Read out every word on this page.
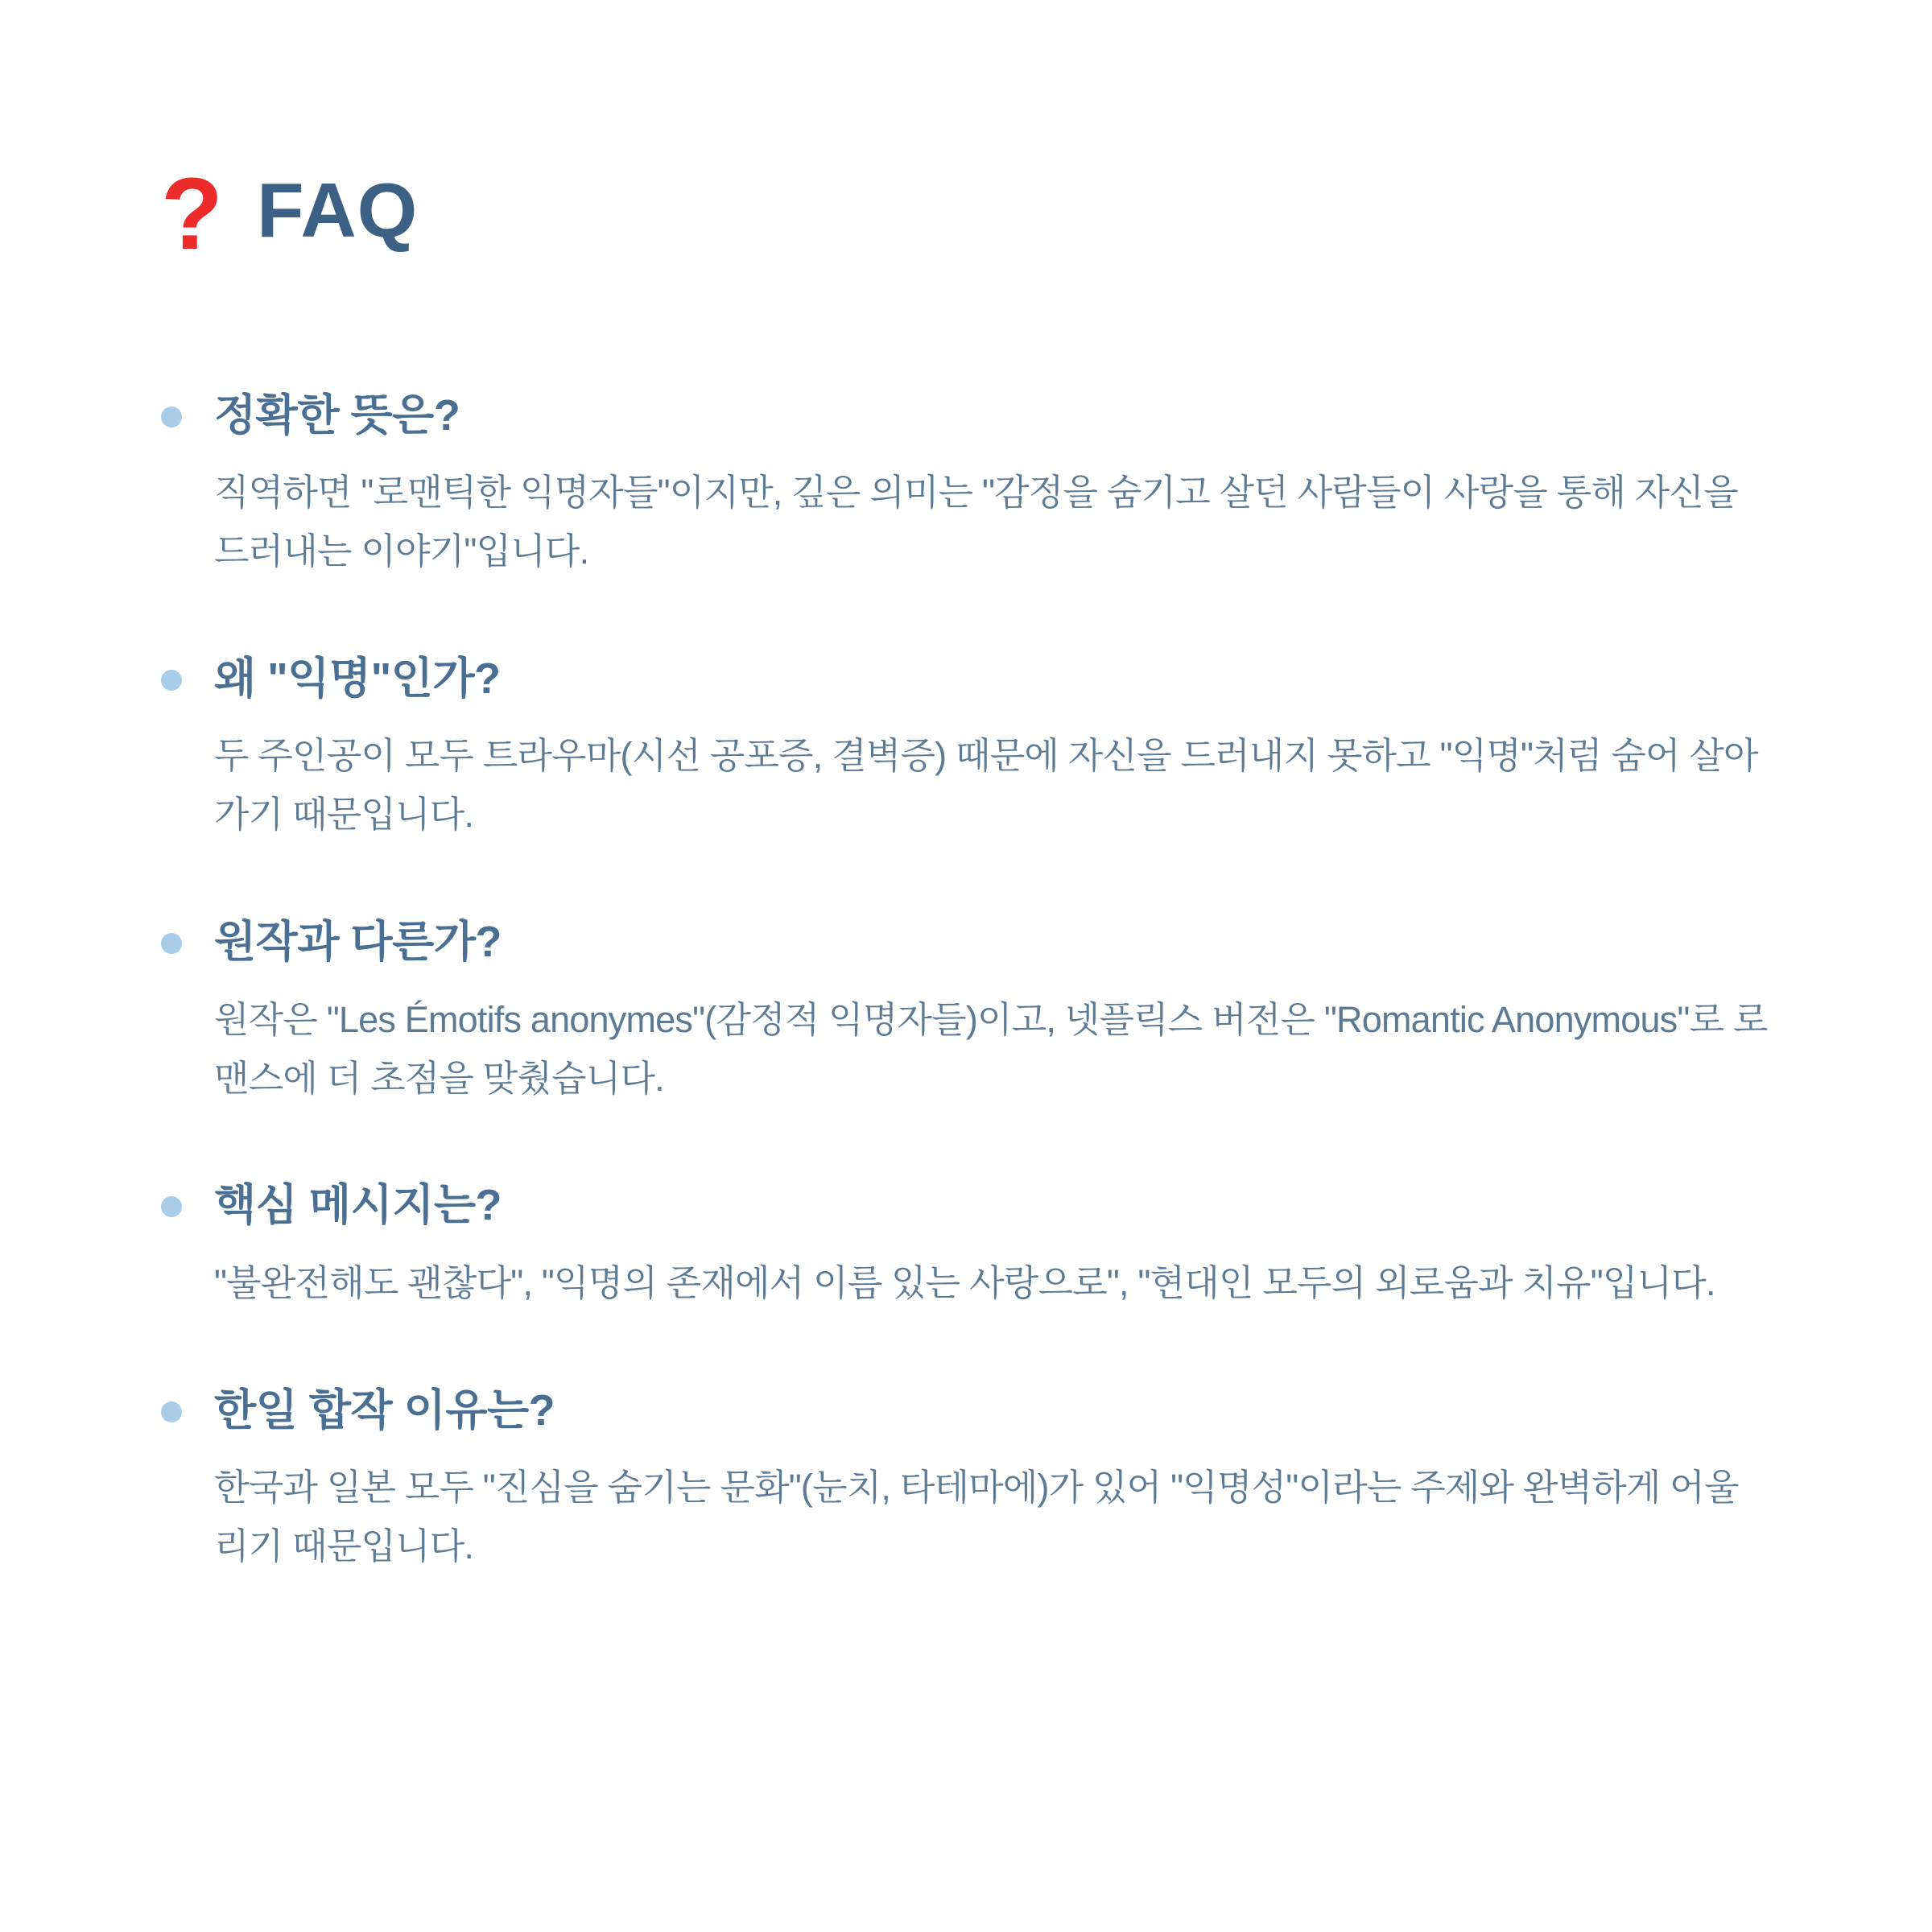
? FAQ
정확한 뜻은?
직역하면 "로맨틱한 익명자들"이지만, 깊은 의미는 "감정을 숨기고 살던 사람들이 사랑을 통해 자신을 드러내는 이야기"입니다.
왜 "익명"인가?
두 주인공이 모두 트라우마(시선 공포증, 결벽증) 때문에 자신을 드러내지 못하고 "익명"처럼 숨어 살아가기 때문입니다.
원작과 다른가?
원작은 "Les Émotifs anonymes"(감정적 익명자들)이고, 넷플릭스 버전은 "Romantic Anonymous"로 로맨스에 더 초점을 맞췄습니다.
핵심 메시지는?
"불완전해도 괜찮다", "익명의 존재에서 이름 있는 사랑으로", "현대인 모두의 외로움과 치유"입니다.
한일 합작 이유는?
한국과 일본 모두 "진심을 숨기는 문화"(눈치, 타테마에)가 있어 "익명성"이라는 주제와 완벽하게 어울리기 때문입니다.
